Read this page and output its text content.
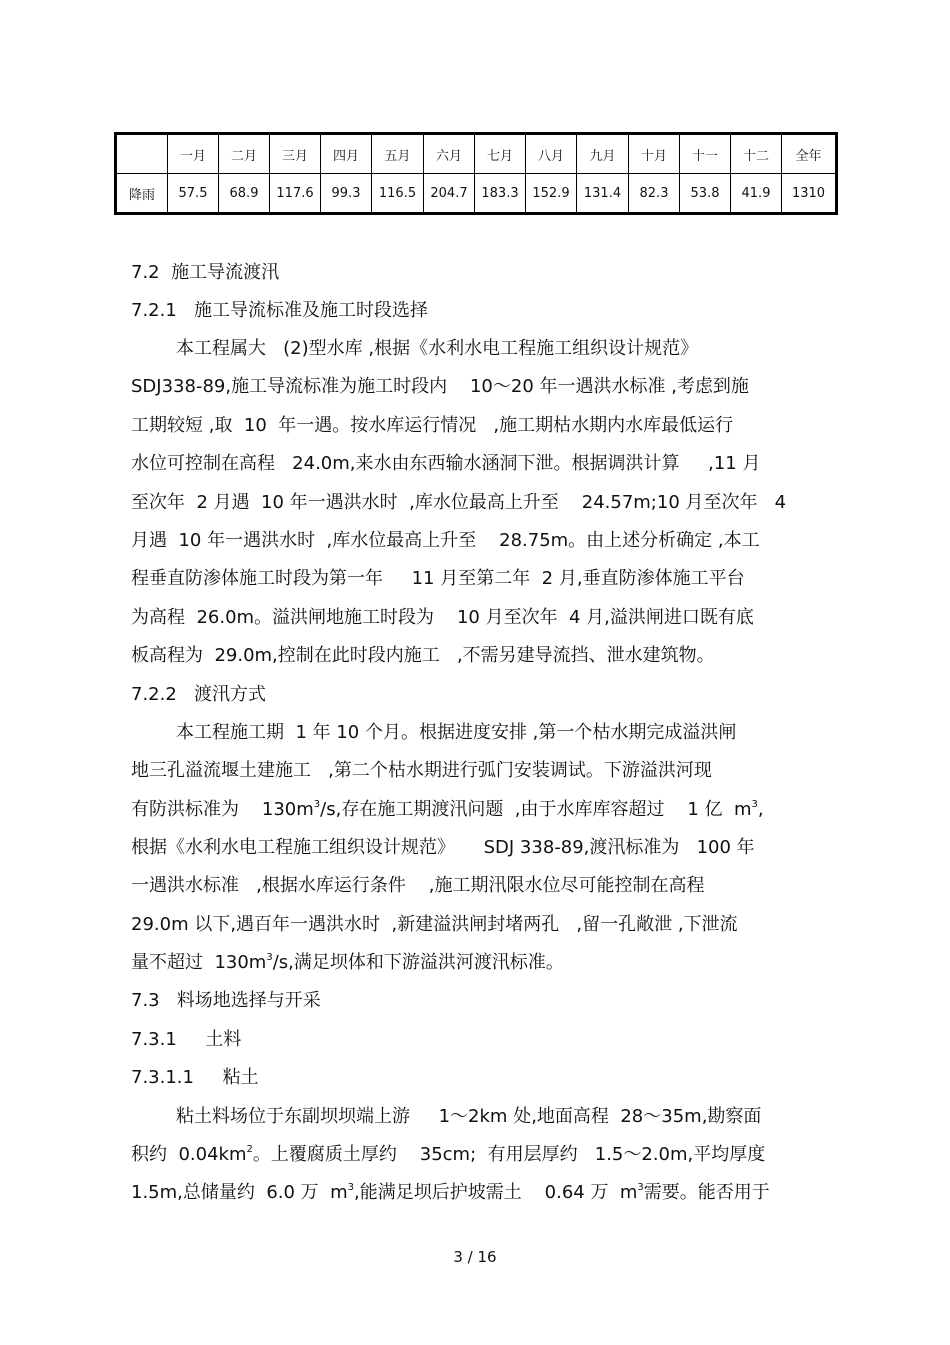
	一月	二月	三月	四月	五月	六月	七月	八月	九月	十月	十一	十二	全年
降雨	57.5	68.9	117.6	99.3	116.5	204.7	183.3	152.9	131.4	82.3	53.8	41.9	1310
7.2  施工导流渡汛
7.2.1   施工导流标准及施工时段选择
本工程属大   (2)型水库 ,根据《水利水电工程施工组织设计规范》
SDJ338-89,施工导流标准为施工时段内    10～20 年一遇洪水标准 ,考虑到施
工期较短 ,取  10  年一遇。按水库运行情况   ,施工期枯水期内水库最低运行
水位可控制在高程   24.0m,来水由东西输水涵洞下泄。根据调洪计算     ,11 月
至次年  2 月遇  10 年一遇洪水时  ,库水位最高上升至    24.57m;10 月至次年   4
月遇  10 年一遇洪水时  ,库水位最高上升至    28.75m。由上述分析确定 ,本工
程垂直防渗体施工时段为第一年     11 月至第二年  2 月,垂直防渗体施工平台
为高程  26.0m。溢洪闸地施工时段为    10 月至次年  4 月,溢洪闸进口既有底
板高程为  29.0m,控制在此时段内施工   ,不需另建导流挡、泄水建筑物。
7.2.2   渡汛方式
本工程施工期  1 年 10 个月。根据进度安排 ,第一个枯水期完成溢洪闸
地三孔溢流堰土建施工   ,第二个枯水期进行弧门安装调试。下游溢洪河现
有防洪标准为    $130m^3/s$,存在施工期渡汛问题  ,由于水库库容超过    1 亿  $m^3$,
根据《水利水电工程施工组织设计规范》     SDJ 338-89,渡汛标准为   100 年
一遇洪水标准   ,根据水库运行条件    ,施工期汛限水位尽可能控制在高程
29.0m 以下,遇百年一遇洪水时  ,新建溢洪闸封堵两孔   ,留一孔敞泄 ,下泄流
量不超过  $130m^3/s$,满足坝体和下游溢洪河渡汛标准。
7.3   料场地选择与开采
7.3.1     土料
7.3.1.1     粘土
粘土料场位于东副坝坝端上游     1～2km 处,地面高程  28～35m,勘察面
积约  $0.04km^2$。上覆腐质土厚约    35cm;  有用层厚约   1.5～2.0m,平均厚度
1.5m,总储量约  6.0 万  $m^3$,能满足坝后护坡需土    0.64 万  $m^3$需要。能否用于
3 / 16
